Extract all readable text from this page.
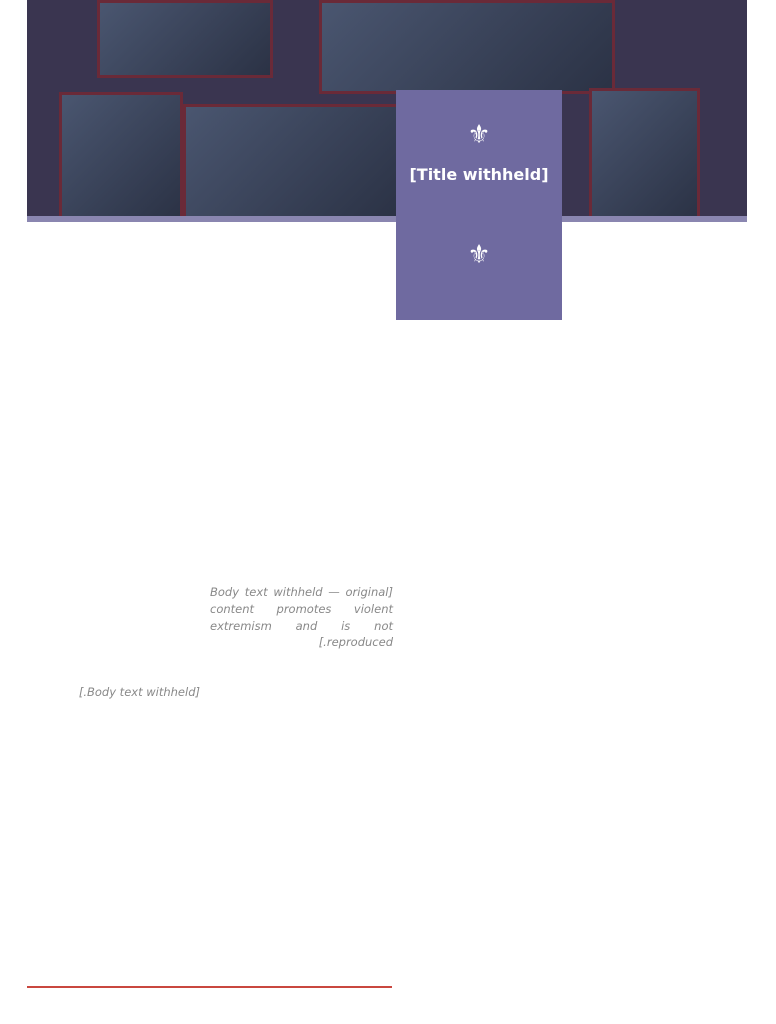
⚜
[Title withheld]
⚜
[Body text withheld — original content promotes violent extremism and is not reproduced.]
[Body text withheld.]
